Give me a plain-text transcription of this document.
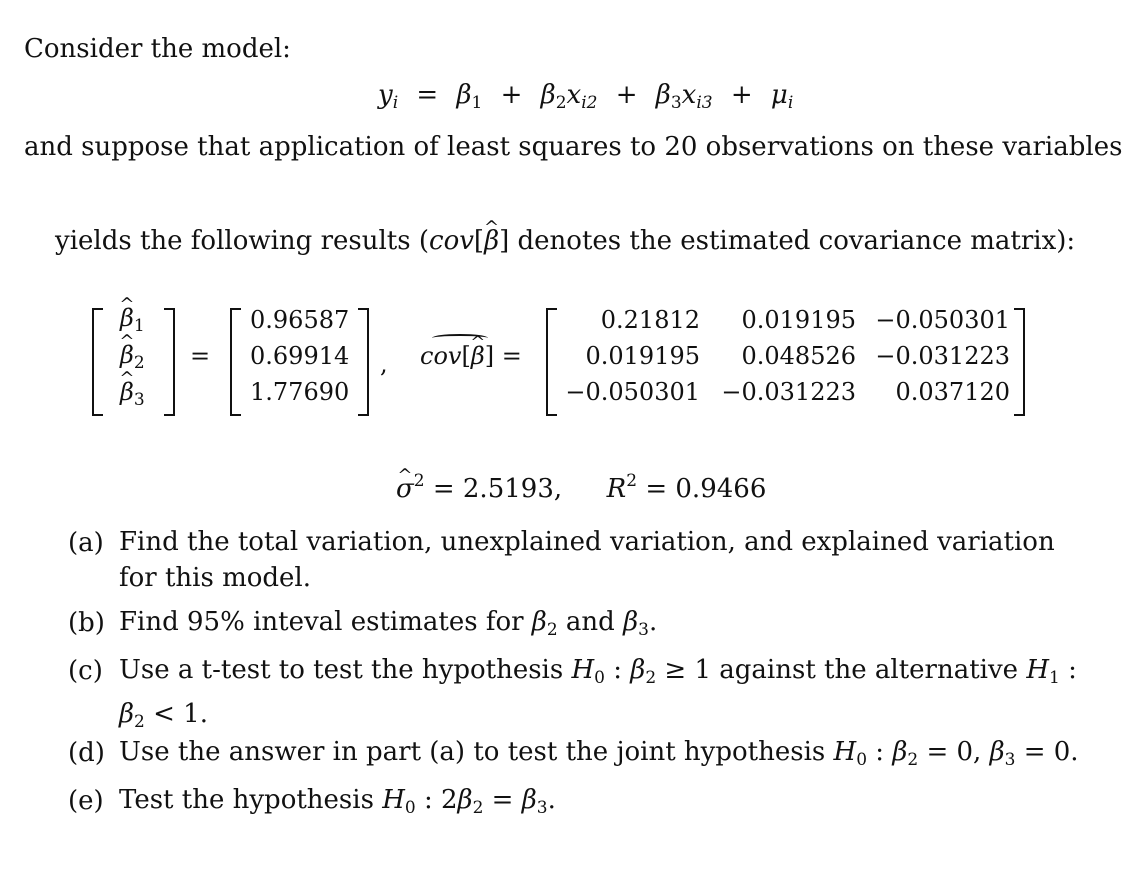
Consider the model:
$y_i = \beta_1 + \beta_2x_{i2} + \beta_3x_{i3} + \mu_i$
and suppose that application of least squares to 20 observations on these variables
yields the following results (cov[^ β] denotes the estimated covariance matrix):
^ $\beta_1$
^ $\beta_2$
^ $\beta_3$
=
0.96587
0.69914
1.77690
, cov[^ β] =
0.21812	0.019195 −0.050301
0.019195	0.048526 −0.031223
−0.050301 −0.031223	0.037120
^ $\sigma^2 = 2.5193$, $R^2 = 0.9466$
(a) Find the total variation, unexplained variation, and explained variation for this model.
(b) Find 95% inteval estimates for $\beta_2$ and $\beta_3$.
(c) Use a t-test to test the hypothesis $H_0$ : $\beta_2 \ge 1$ against the alternative $H_1$ :
$\beta_2 < 1$.
(d) Use the answer in part (a) to test the joint hypothesis $H_0$ : $\beta_2 = 0$, $\beta_3 = 0$.
(e) Test the hypothesis $H_0$ : $2\beta_2 = \beta_3$.
